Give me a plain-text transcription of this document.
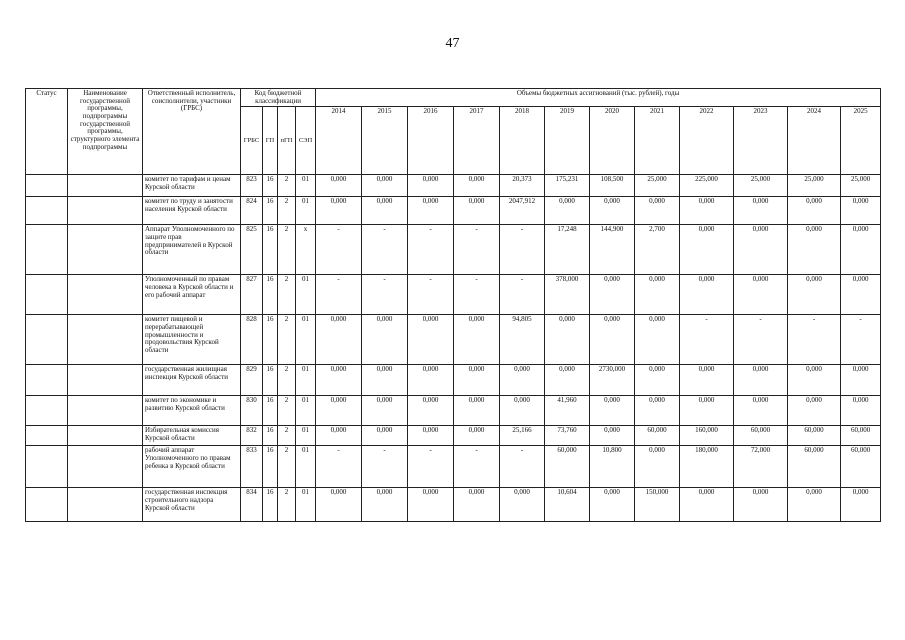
47
Статус	Наименование государственной программы, подпрограммы государственной программы, структурного элемента подпрограммы	Ответственный исполнитель, соисполнители, участники (ГРБС)	Код бюджетной классификации				Объемы бюджетных ассигнований (тыс. рублей), годы											
			ГРБС	ГП	пГП	СЭП	2014	2015	2016	2017	2018	2019	2020	2021	2022	2023	2024	2025
		комитет по тарифам и ценам Курской области	823	16	2	01	0,000	0,000	0,000	0,000	20,373	175,231	108,500	25,000	225,000	25,000	25,000	25,000
		комитет по труду и занятости населения Курской области	824	16	2	01	0,000	0,000	0,000	0,000	2047,912	0,000	0,000	0,000	0,000	0,000	0,000	0,000
		Аппарат Уполномоченного по защите прав предпринимателей в Курской области	825	16	2	х	-	-	-	-	-	17,248	144,900	2,700	0,000	0,000	0,000	0,000
		Уполномоченный по правам человека в Курской области и его рабочий аппарат	827	16	2	01	-	-	-	-	-	378,000	0,000	0,000	0,000	0,000	0,000	0,000
		комитет пищевой и перерабатывающей промышленности и продовольствия Курской области	828	16	2	01	0,000	0,000	0,000	0,000	94,805	0,000	0,000	0,000	-	-	-	-
		государственная жилищная инспекция Курской области	829	16	2	01	0,000	0,000	0,000	0,000	0,000	0,000	2730,000	0,000	0,000	0,000	0,000	0,000
		комитет по экономике и развитию Курской области	830	16	2	01	0,000	0,000	0,000	0,000	0,000	41,960	0,000	0,000	0,000	0,000	0,000	0,000
		Избирательная комиссия Курской области	832	16	2	01	0,000	0,000	0,000	0,000	25,166	73,760	0,000	60,000	160,000	60,000	60,000	60,000
		рабочий аппарат Уполномоченного по правам ребенка в Курской области	833	16	2	01	-	-	-	-	-	60,000	10,800	0,000	180,000	72,000	60,000	60,000
		государственная инспекция строительного надзора Курской области	834	16	2	01	0,000	0,000	0,000	0,000	0,000	10,604	0,000	150,000	0,000	0,000	0,000	0,000
